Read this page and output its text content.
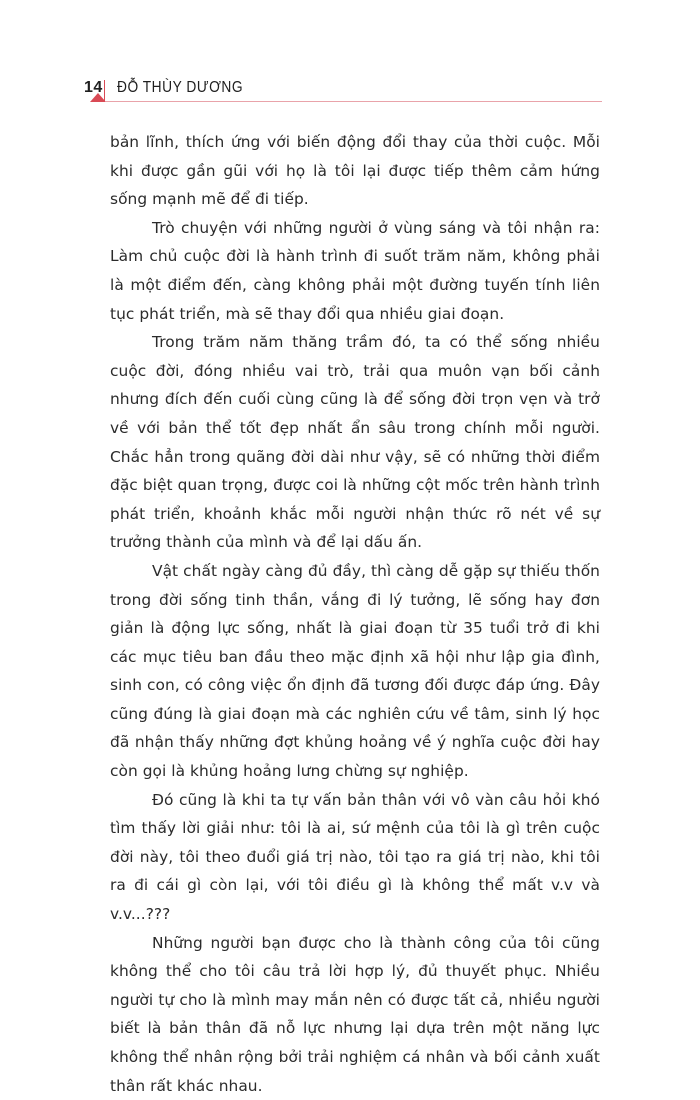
14 ĐỖ THÙY DƯƠNG

bản lĩnh, thích ứng với biến động đổi thay của thời cuộc. Mỗi khi được gần gũi với họ là tôi lại được tiếp thêm cảm hứng sống mạnh mẽ để đi tiếp.

Trò chuyện với những người ở vùng sáng và tôi nhận ra: Làm chủ cuộc đời là hành trình đi suốt trăm năm, không phải là một điểm đến, càng không phải một đường tuyến tính liên tục phát triển, mà sẽ thay đổi qua nhiều giai đoạn.

Trong trăm năm thăng trầm đó, ta có thể sống nhiều cuộc đời, đóng nhiều vai trò, trải qua muôn vạn bối cảnh nhưng đích đến cuối cùng cũng là để sống đời trọn vẹn và trở về với bản thể tốt đẹp nhất ẩn sâu trong chính mỗi người. Chắc hẳn trong quãng đời dài như vậy, sẽ có những thời điểm đặc biệt quan trọng, được coi là những cột mốc trên hành trình phát triển, khoảnh khắc mỗi người nhận thức rõ nét về sự trưởng thành của mình và để lại dấu ấn.

Vật chất ngày càng đủ đầy, thì càng dễ gặp sự thiếu thốn trong đời sống tinh thần, vắng đi lý tưởng, lẽ sống hay đơn giản là động lực sống, nhất là giai đoạn từ 35 tuổi trở đi khi các mục tiêu ban đầu theo mặc định xã hội như lập gia đình, sinh con, có công việc ổn định đã tương đối được đáp ứng. Đây cũng đúng là giai đoạn mà các nghiên cứu về tâm, sinh lý học đã nhận thấy những đợt khủng hoảng về ý nghĩa cuộc đời hay còn gọi là khủng hoảng lưng chừng sự nghiệp.

Đó cũng là khi ta tự vấn bản thân với vô vàn câu hỏi khó tìm thấy lời giải như: tôi là ai, sứ mệnh của tôi là gì trên cuộc đời này, tôi theo đuổi giá trị nào, tôi tạo ra giá trị nào, khi tôi ra đi cái gì còn lại, với tôi điều gì là không thể mất v.v và v.v...???

Những người bạn được cho là thành công của tôi cũng không thể cho tôi câu trả lời hợp lý, đủ thuyết phục. Nhiều người tự cho là mình may mắn nên có được tất cả, nhiều người biết là bản thân đã nỗ lực nhưng lại dựa trên một năng lực không thể nhân rộng bởi trải nghiệm cá nhân và bối cảnh xuất thân rất khác nhau.
